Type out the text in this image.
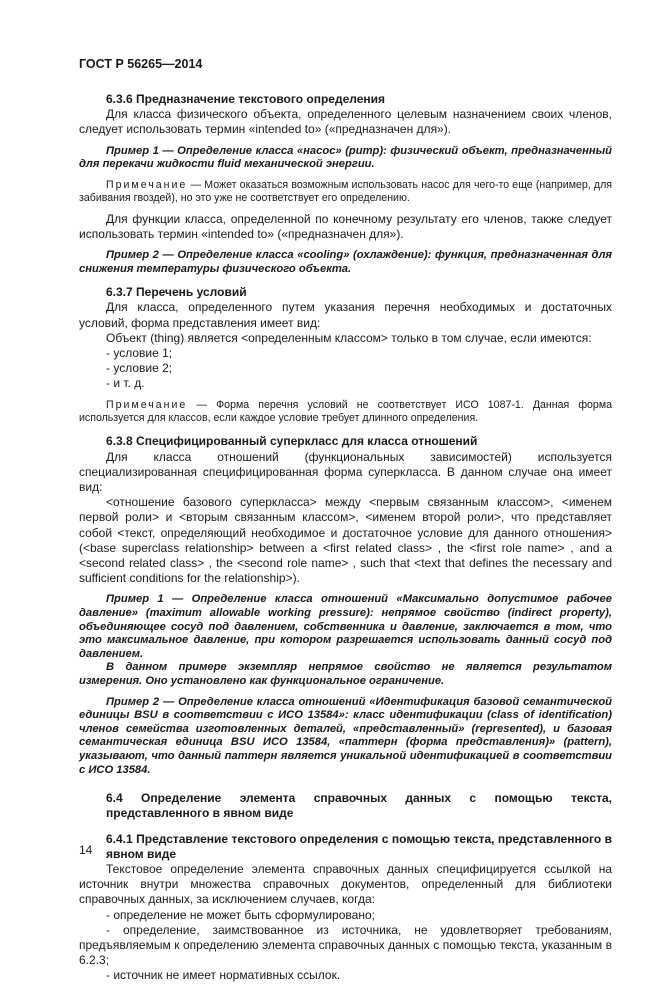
ГОСТ Р 56265—2014

6.3.6 Предназначение текстового определения

Для класса физического объекта, определенного целевым назначением своих членов, следует использовать термин «intended to» («предназначен для»).

Пример 1 — Определение класса «насос» (pump): физический объект, предназначенный для перекачи жидкости fluid механической энергии.

Примечание — Может оказаться возможным использовать насос для чего-то еще (например, для забивания гвоздей), но это уже не соответствует его определению.

Для функции класса, определенной по конечному результату его членов, также следует использовать термин «intended to» («предназначен для»).

Пример 2 — Определение класса «cooling» (охлаждение): функция, предназначенная для снижения температуры физического объекта.

6.3.7 Перечень условий

Для класса, определенного путем указания перечня необходимых и достаточных условий, форма представления имеет вид:

Объект (thing) является <определенным классом> только в том случае, если имеются:

- условие 1;

- условие 2;

- и т. д.

Примечание — Форма перечня условий не соответствует ИСО 1087-1. Данная форма используется для классов, если каждое условие требует длинного определения.

6.3.8 Специфицированный суперкласс для класса отношений

Для класса отношений (функциональных зависимостей) используется специализированная специфицированная форма суперкласса. В данном случае она имеет вид:

<отношение базового суперкласса> между <первым связанным классом>, <именем первой роли> и <вторым связанным классом>, <именем второй роли>, что представляет собой <текст, определяющий необходимое и достаточное условие для данного отношения> (<base superclass relationship> between a <first related class> , the <first role name> , and a <second related class> , the <second role name> , such that <text that defines the necessary and sufficient conditions for the relationship>).

Пример 1 — Определение класса отношений «Максимально допустимое рабочее давление» (maximum allowable working pressure): непрямое свойство (indirect property), объединяющее сосуд под давлением, собственника и давление, заключается в том, что это максимальное давление, при котором разрешается использовать данный сосуд под давлением.

В данном примере экземпляр непрямое свойство не является результатом измерения. Оно установлено как функциональное ограничение.

Пример 2 — Определение класса отношений «Идентификация базовой семантической единицы BSU в соответствии с ИСО 13584»: класс идентификации (class of identification) членов семейства изготовленных деталей, «представленный» (represented), и базовая семантическая единица BSU ИСО 13584, «паттерн (форма представления)» (pattern), указывают, что данный паттерн является уникальной идентификацией в соответствии с ИСО 13584.

6.4 Определение элемента справочных данных с помощью текста, представленного в явном виде

6.4.1 Представление текстового определения с помощью текста, представленного в явном виде

Текстовое определение элемента справочных данных специфицируется ссылкой на источник внутри множества справочных документов, определенный для библиотеки справочных данных, за исключением случаев, когда:

- определение не может быть сформулировано;

- определение, заимствованное из источника, не удовлетворяет требованиям, предъявляемым к определению элемента справочных данных с помощью текста, указанным в 6.2.3;

- источник не имеет нормативных ссылок.

14
